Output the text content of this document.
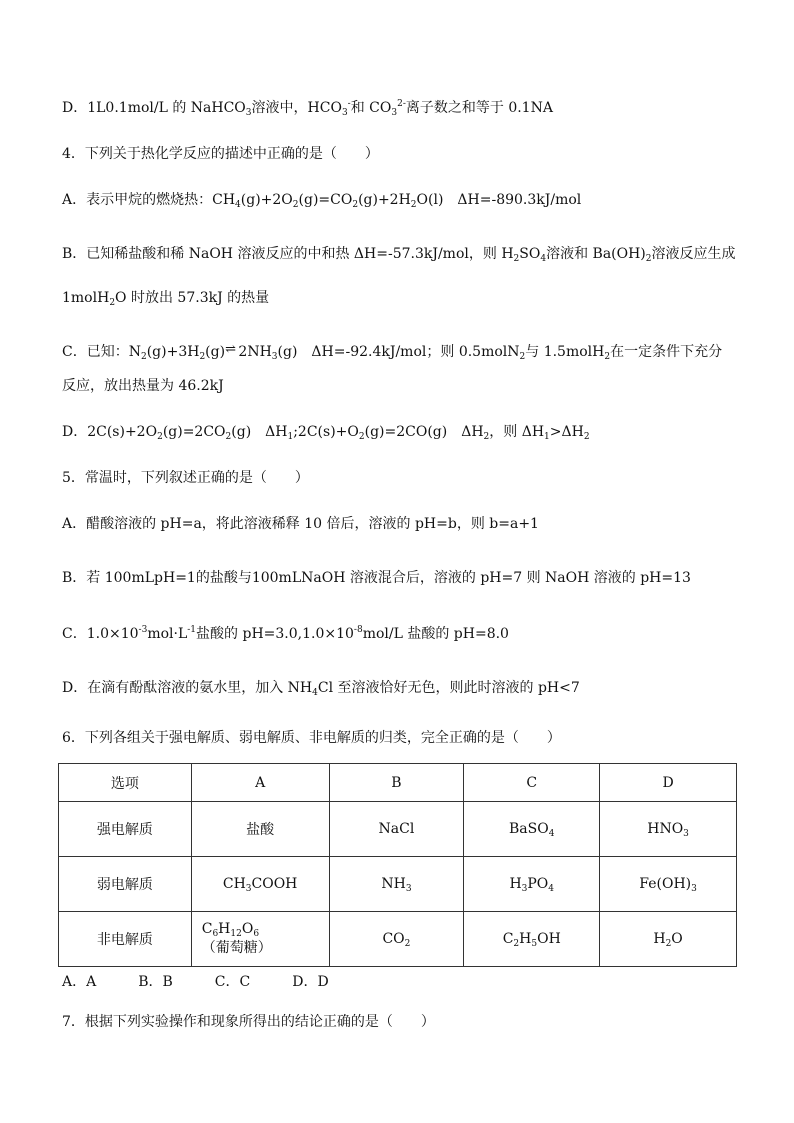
D．1L0.1mol/L 的 NaHCO$_3$溶液中，$HCO_3^-$和 $CO_3^{2-}$离子数之和等于 0.1NA
4．下列关于热化学反应的描述中正确的是（　　）
A．表示甲烷的燃烧热：$CH_4(g)+2O_2(g)=CO_2(g)+2H_2O(l)$　ΔH=-890.3kJ/mol
B．已知稀盐酸和稀 NaOH 溶液反应的中和热 ΔH=-57.3kJ/mol，则 $H_2SO_4$溶液和 $Ba(OH)_2$溶液反应生成
1molH$_2$O 时放出 57.3kJ 的热量
C．已知：$N_2(g)+3H_2(g)\rightleftharpoons$ $2NH_3(g)$　ΔH=-92.4kJ/mol；则 0.5molN$_2$与 1.5molH$_2$在一定条件下充分
反应，放出热量为 46.2kJ
D．$2C(s)+2O_2(g)=2CO_2(g)$　$\Delta H_1;2C(s)+O_2(g)=2CO(g)$　$\Delta H_2$，则 $\Delta H_1>\Delta H_2$
5．常温时，下列叙述正确的是（　　）
A．醋酸溶液的 pH=a，将此溶液稀释 10 倍后，溶液的 pH=b，则 b=a+1
B．若 100mLpH=1的盐酸与100mLNaOH 溶液混合后，溶液的 pH=7 则 NaOH 溶液的 pH=13
C．$1.0\times 10^{-3}mol\cdot L^{-1}$盐酸的 $pH=3.0,1.0\times 10^{-8}mol/L$ 盐酸的 pH=8.0
D．在滴有酚酞溶液的氨水里，加入 $NH_4Cl$ 至溶液恰好无色，则此时溶液的 pH<7
6．下列各组关于强电解质、弱电解质、非电解质的归类，完全正确的是（　　）
选项	A	B	C	D
强电解质	盐酸	NaCl	BaSO$_4$	$HNO_3$
弱电解质	$CH_3COOH$	$NH_3$	$H_3PO_4$	$Fe(OH)_3$
非电解质	$C_6H_{12}O_6$（葡萄糖）	$CO_2$	$C_2H_5OH$	$H_2O$
A．A　　　B．B　　　C．C　　　D．D
7．根据下列实验操作和现象所得出的结论正确的是（　　）
